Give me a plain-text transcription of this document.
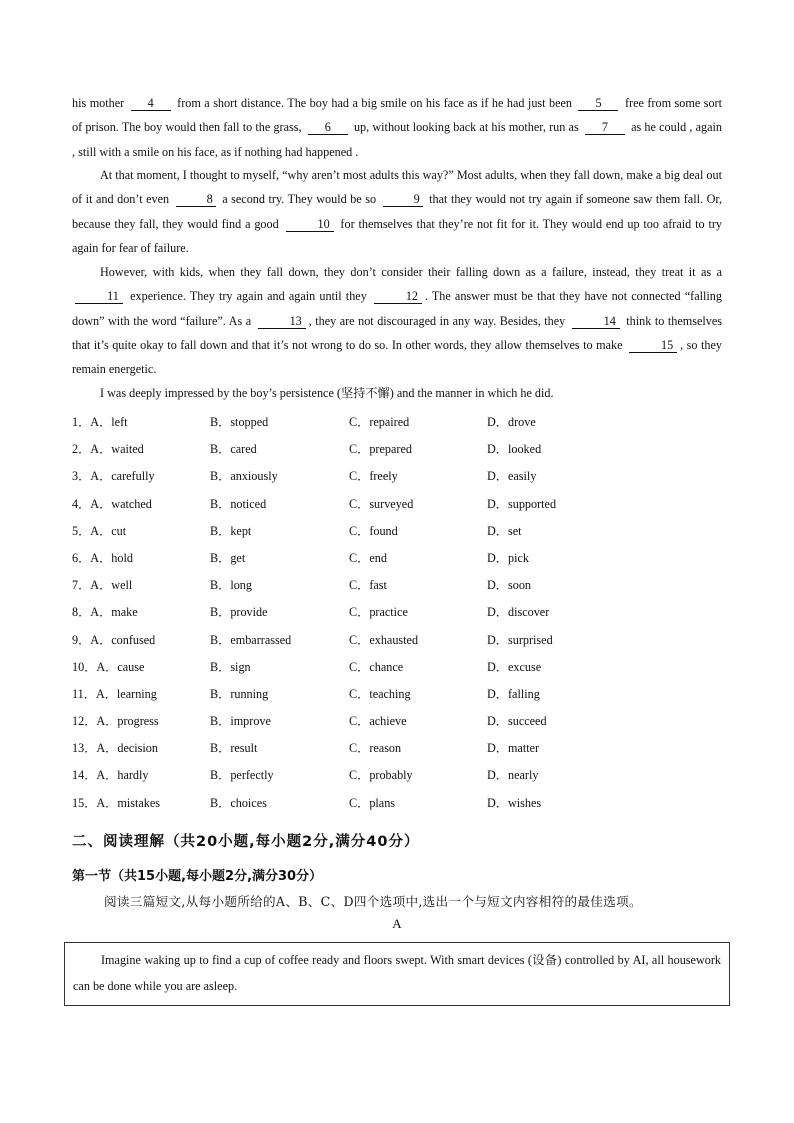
his mother 4 from a short distance. The boy had a big smile on his face as if he had just been 5 free from some sort of prison. The boy would then fall to the grass, 6 up, without looking back at his mother, run as 7 as he could , again , still with a smile on his face, as if nothing had happened .

At that moment, I thought to myself, “why aren’t most adults this way?” Most adults, when they fall down, make a big deal out of it and don’t even	8 a second try. They would be so	9 that they would not try again if someone saw them fall. Or, because they fall, they would find a good	10 for themselves that they’re not fit for it. They would end up too afraid to try again for fear of failure.

However, with kids, when they fall down, they don’t consider their falling down as a failure, instead, they treat it as a 11 experience. They try again and again until they	12 . The answer must be that they have not connected “falling down” with the word “failure”. As a	13 , they are not discouraged in any way. Besides, they	14 think to themselves that it’s quite okay to fall down and that it’s not wrong to do so. In other words, they allow themselves to make	15 , so they remain energetic.

I was deeply impressed by the boy’s persistence (坚持不懈) and the manner in which he did.

1．A．left	B．stopped	C．repaired	D．drove
2．A．waited	B．cared	C．prepared	D．looked
3．A．carefully	B．anxiously	C．freely	D．easily
4．A．watched	B．noticed	C．surveyed	D．supported
5．A．cut	B．kept	C．found	D．set
6．A．hold	B．get	C．end	D．pick
7．A．well	B．long	C．fast	D．soon
8．A．make	B．provide	C．practice	D．discover
9．A．confused	B．embarrassed	C．exhausted	D．surprised
10．A．cause	B．sign	C．chance	D．excuse
11．A．learning	B．running	C．teaching	D．falling
12．A．progress	B．improve	C．achieve	D．succeed
13．A．decision	B．result	C．reason	D．matter
14．A．hardly	B．perfectly	C．probably	D．nearly
15．A．mistakes	B．choices	C．plans	D．wishes
二、阅读理解（共20小题,每小题2分,满分40分）
第一节（共15小题,每小题2分,满分30分）

阅读三篇短文,从每小题所给的A、B、C、D四个选项中,选出一个与短文内容相符的最佳选项。

A

Imagine waking up to find a cup of coffee ready and floors swept. With smart devices (设备) controlled by AI, all housework can be done while you are asleep.
